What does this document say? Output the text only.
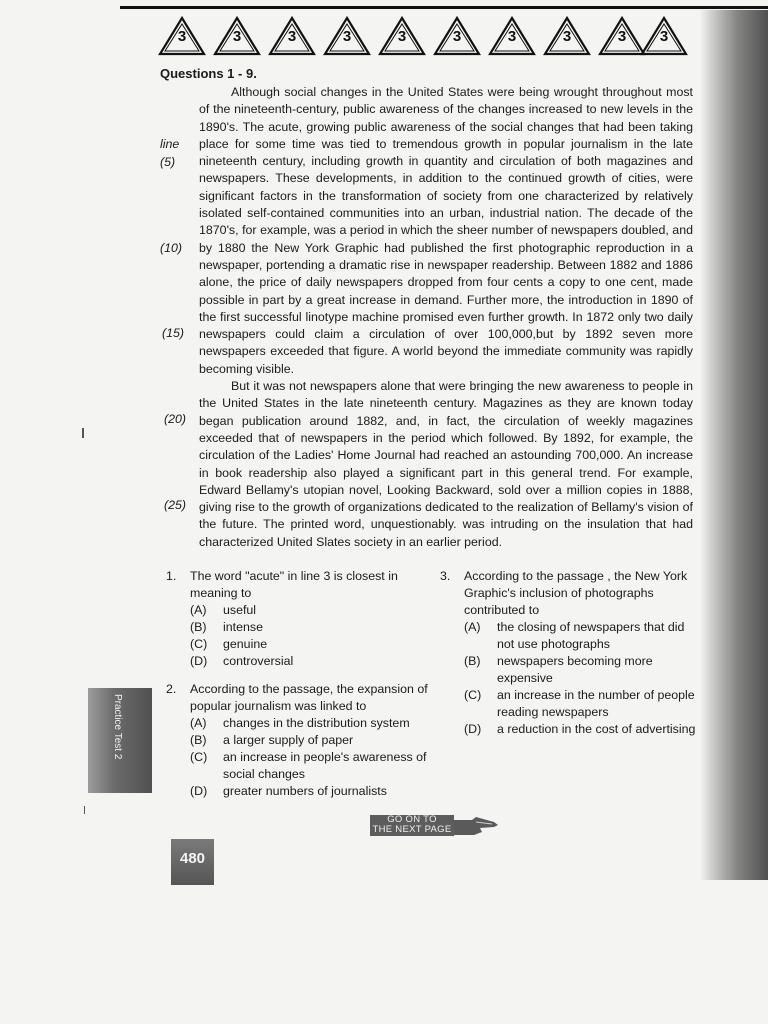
3	3	3	3	3	3	3	3	3	3
Questions 1 - 9.
line
(5)
(10)
(15)
(20)
(25)

Although social changes in the United States were being wrought throughout most of the nineteenth-century, public awareness of the changes increased to new levels in the 1890's. The acute, growing public awareness of the social changes that had been taking place for some time was tied to tremendous growth in popular journalism in the late nineteenth century, including growth in quantity and circulation of both magazines and newspapers. These developments, in addition to the continued growth of cities, were significant factors in the transformation of society from one characterized by relatively isolated self-contained communities into an urban, industrial nation. The decade of the 1870's, for example, was a period in which the sheer number of newspapers doubled, and by 1880 the New York Graphic had published the first photographic reproduction in a newspaper, portending a dramatic rise in newspaper readership. Between 1882 and 1886 alone, the price of daily newspapers dropped from four cents a copy to one cent, made possible in part by a great increase in demand. Further more, the introduction in 1890 of the first successful linotype machine promised even further growth. In 1872 only two daily newspapers could claim a circulation of over 100,000,but by 1892 seven more newspapers exceeded that figure. A world beyond the immediate community was rapidly becoming visible.

But it was not newspapers alone that were bringing the new awareness to people in the United States in the late nineteenth century. Magazines as they are known today began publication around 1882, and, in fact, the circulation of weekly magazines exceeded that of newspapers in the period which followed. By 1892, for example, the circulation of the Ladies' Home Journal had reached an astounding 700,000. An increase in book readership also played a significant part in this general trend. For example, Edward Bellamy's utopian novel, Looking Backward, sold over a million copies in 1888, giving rise to the growth of organizations dedicated to the realization of Bellamy's vision of the future. The printed word, unquestionably. was intruding on the insulation that had characterized United Slates society in an earlier period.

1.	The word "acute" in line 3 is closest in meaning to
(A)	useful
(B)	intense
(C)	genuine
(D)	controversial
2.	According to the passage, the expansion of popular journalism was linked to
(A)	changes in the distribution system
(B)	a larger supply of paper
(C)	an increase in people's awareness of social changes
(D)	greater numbers of journalists
3.	According to the passage , the New York Graphic's inclusion of photographs contributed to
(A)	the closing of newspapers that did not use photographs
(B)	newspapers becoming more expensive
(C)	an increase in the number of people reading newspapers
(D)	a reduction in the cost of advertising
Practice Test 2
GO ON TO
THE NEXT PAGE
480
